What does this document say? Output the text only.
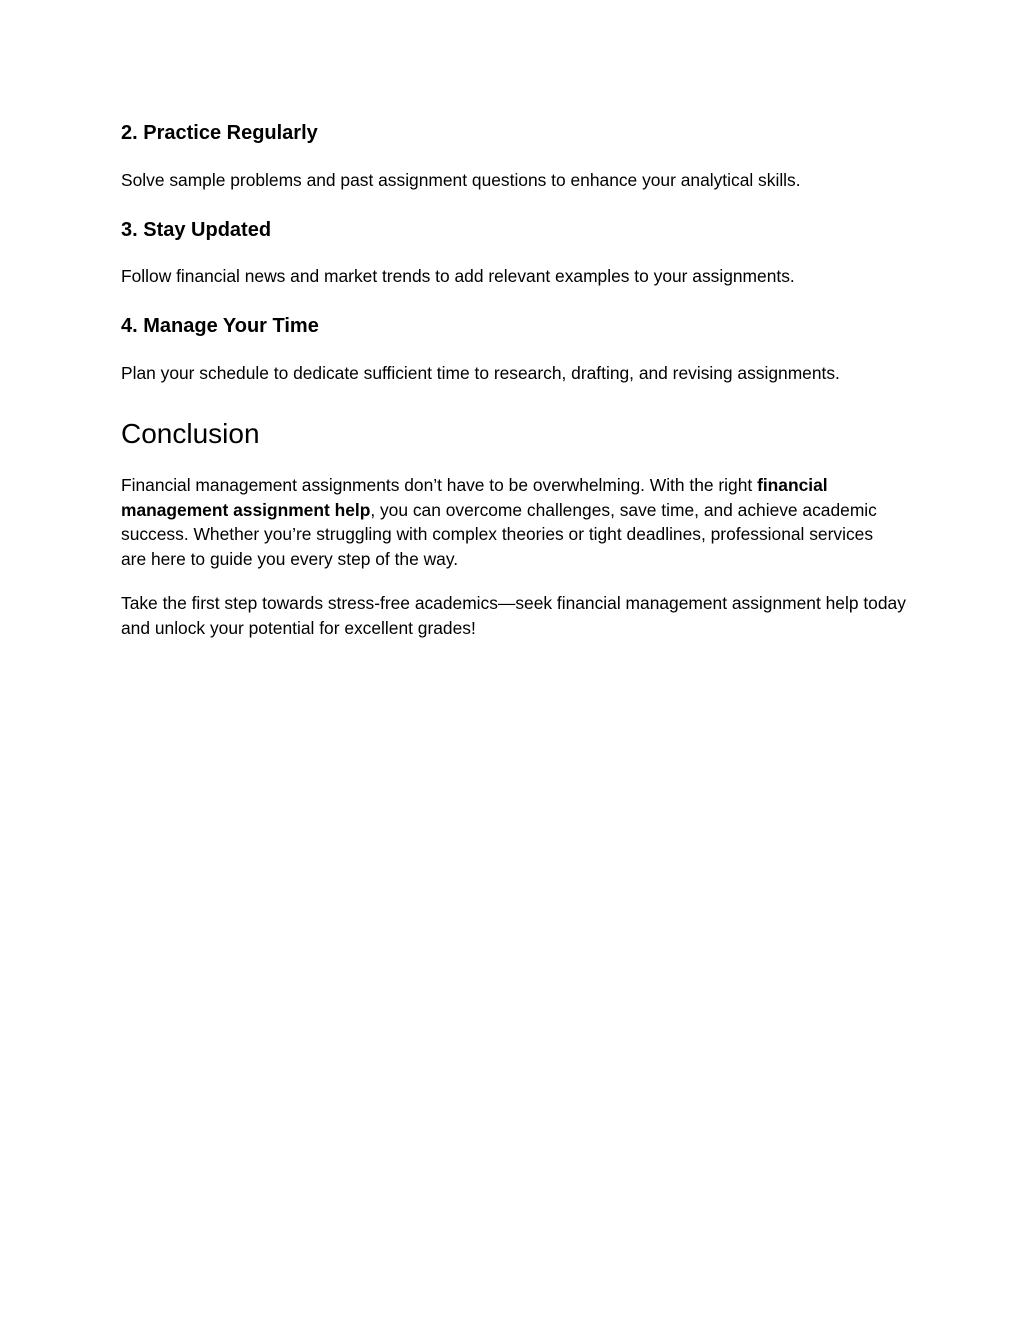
2. Practice Regularly

Solve sample problems and past assignment questions to enhance your analytical skills.

3. Stay Updated

Follow financial news and market trends to add relevant examples to your assignments.

4. Manage Your Time

Plan your schedule to dedicate sufficient time to research, drafting, and revising assignments.

Conclusion

Financial management assignments don’t have to be overwhelming. With the right financial management assignment help, you can overcome challenges, save time, and achieve academic success. Whether you’re struggling with complex theories or tight deadlines, professional services are here to guide you every step of the way.

Take the first step towards stress-free academics—seek financial management assignment help today and unlock your potential for excellent grades!
